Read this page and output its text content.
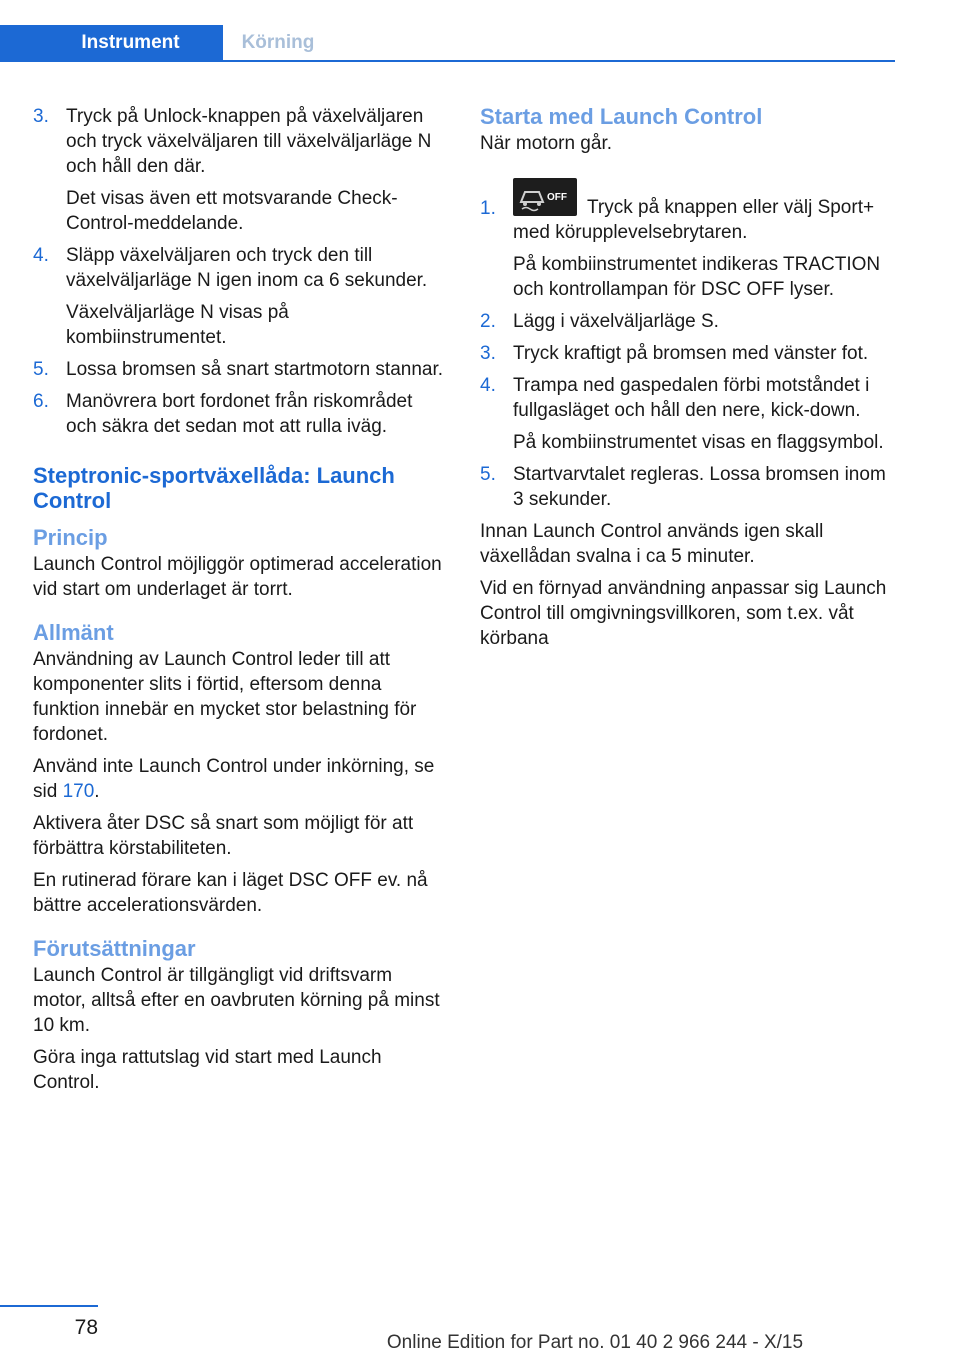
Instrument	Körning
3. Tryck på Unlock-knappen på växelväljaren och tryck växelväljaren till växelväljarläge N och håll den där.
Det visas även ett motsvarande Check-Control-meddelande.
4. Släpp växelväljaren och tryck den till växelväljarläge N igen inom ca 6 sekunder.
Växelväljarläge N visas på kombiinstrumentet.
5. Lossa bromsen så snart startmotorn stannar.
6. Manövrera bort fordonet från riskområdet och säkra det sedan mot att rulla iväg.
Steptronic-sportväxellåda: Launch Control
Princip

Launch Control möjliggör optimerad acceleration vid start om underlaget är torrt.

Allmänt

Användning av Launch Control leder till att komponenter slits i förtid, eftersom denna funktion innebär en mycket stor belastning för fordonet.

Använd inte Launch Control under inkörning, se sid 170.

Aktivera åter DSC så snart som möjligt för att förbättra körstabiliteten.

En rutinerad förare kan i läget DSC OFF ev. nå bättre accelerationsvärden.

Förutsättningar

Launch Control är tillgängligt vid driftsvarm motor, alltså efter en oavbruten körning på minst 10 km.

Göra inga rattutslag vid start med Launch Control.

Starta med Launch Control

När motorn går.

1.
OFF Tryck på knappen eller välj Sport+ med körupplevelsebrytaren.
På kombiinstrumentet indikeras TRACTION och kontrollampan för DSC OFF lyser.
2. Lägg i växelväljarläge S.
3. Tryck kraftigt på bromsen med vänster fot.
4. Trampa ned gaspedalen förbi motståndet i fullgasläget och håll den nere, kick-down.
På kombiinstrumentet visas en flaggsymbol.
5. Startvarvtalet regleras. Lossa bromsen inom 3 sekunder.

Innan Launch Control används igen skall växellådan svalna i ca 5 minuter.

Vid en förnyad användning anpassar sig Launch Control till omgivningsvillkoren, som t.ex. våt körbana

78
Online Edition for Part no. 01 40 2 966 244 - X/15
